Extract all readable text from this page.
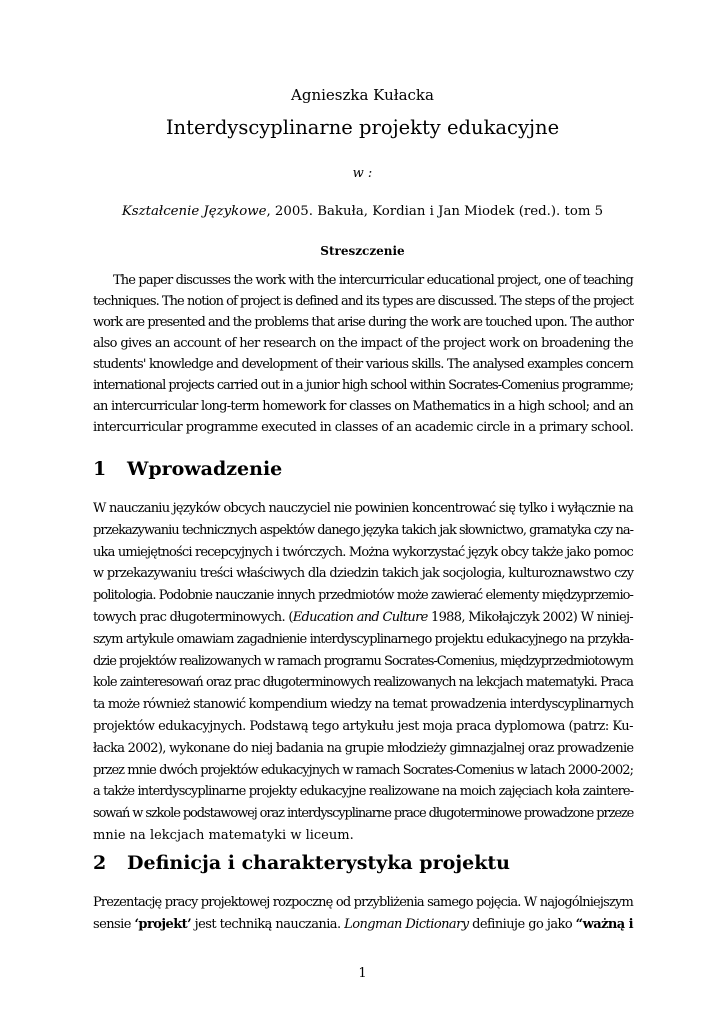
Agnieszka Kułacka
Interdyscyplinarne projekty edukacyjne
w :
Kształcenie Językowe, 2005. Bakuła, Kordian i Jan Miodek (red.). tom 5
Streszczenie
The paper discusses the work with the intercurricular educational project, one of teaching
techniques. The notion of project is defined and its types are discussed. The steps of the project
work are presented and the problems that arise during the work are touched upon. The author
also gives an account of her research on the impact of the project work on broadening the
students' knowledge and development of their various skills. The analysed examples concern
international projects carried out in a junior high school within Socrates-Comenius programme;
an intercurricular long-term homework for classes on Mathematics in a high school; and an
intercurricular programme executed in classes of an academic circle in a primary school.
1 Wprowadzenie
W nauczaniu języków obcych nauczyciel nie powinien koncentrować się tylko i wyłącznie na
przekazywaniu technicznych aspektów danego języka takich jak słownictwo, gramatyka czy na-
uka umiejętności recepcyjnych i twórczych. Można wykorzystać język obcy także jako pomoc
w przekazywaniu treści właściwych dla dziedzin takich jak socjologia, kulturoznawstwo czy
politologia. Podobnie nauczanie innych przedmiotów może zawierać elementy międzyprzemio-
towych prac długoterminowych. (Education and Culture 1988, Mikołajczyk 2002) W niniej-
szym artykule omawiam zagadnienie interdyscyplinarnego projektu edukacyjnego na przykła-
dzie projektów realizowanych w ramach programu Socrates-Comenius, międzyprzedmiotowym
kole zainteresowań oraz prac długoterminowych realizowanych na lekcjach matematyki. Praca
ta może również stanowić kompendium wiedzy na temat prowadzenia interdyscyplinarnych
projektów edukacyjnych. Podstawą tego artykułu jest moja praca dyplomowa (patrz: Ku-
łacka 2002), wykonane do niej badania na grupie młodzieży gimnazjalnej oraz prowadzenie
przez mnie dwóch projektów edukacyjnych w ramach Socrates-Comenius w latach 2000-2002;
a także interdyscyplinarne projekty edukacyjne realizowane na moich zajęciach koła zaintere-
sowań w szkole podstawowej oraz interdyscyplinarne prace długoterminowe prowadzone przeze
mnie na lekcjach matematyki w liceum.
2 Definicja i charakterystyka projektu
Prezentację pracy projektowej rozpocznę od przybliżenia samego pojęcia. W najogólniejszym
sensie ‘projekt’ jest techniką nauczania. Longman Dictionary definiuje go jako “ważną i
1
